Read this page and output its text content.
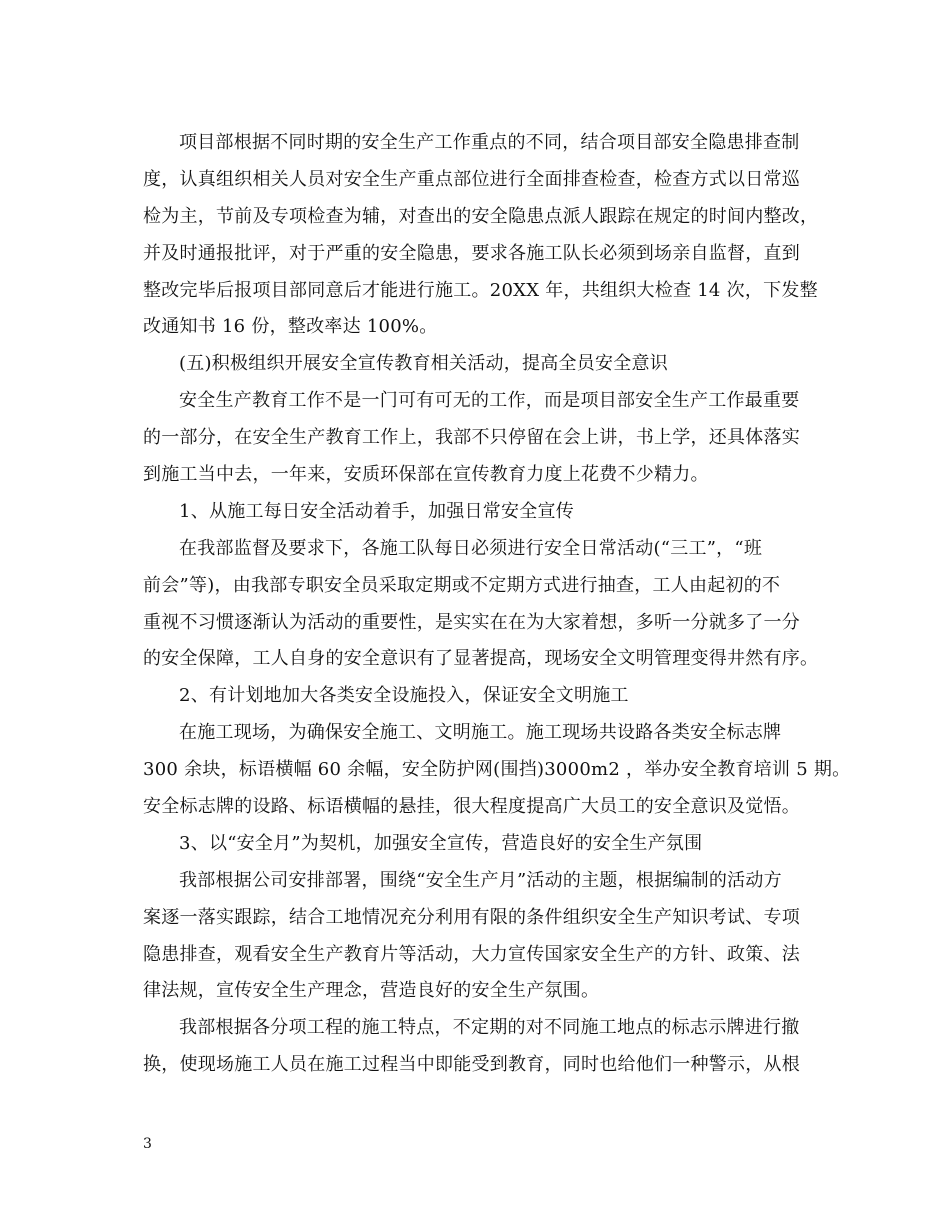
项目部根据不同时期的安全生产工作重点的不同，结合项目部安全隐患排查制
度，认真组织相关人员对安全生产重点部位进行全面排查检查，检查方式以日常巡
检为主，节前及专项检查为辅，对查出的安全隐患点派人跟踪在规定的时间内整改，
并及时通报批评，对于严重的安全隐患，要求各施工队长必须到场亲自监督，直到
整改完毕后报项目部同意后才能进行施工。20XX 年，共组织大检查 14 次，下发整
改通知书 16 份，整改率达 100%。
(五)积极组织开展安全宣传教育相关活动，提高全员安全意识
安全生产教育工作不是一门可有可无的工作，而是项目部安全生产工作最重要
的一部分，在安全生产教育工作上，我部不只停留在会上讲，书上学，还具体落实
到施工当中去，一年来，安质环保部在宣传教育力度上花费不少精力。
1、从施工每日安全活动着手，加强日常安全宣传
在我部监督及要求下，各施工队每日必须进行安全日常活动(“三工”，“班
前会”等)，由我部专职安全员采取定期或不定期方式进行抽查，工人由起初的不
重视不习惯逐渐认为活动的重要性，是实实在在为大家着想，多听一分就多了一分
的安全保障，工人自身的安全意识有了显著提高，现场安全文明管理变得井然有序。
2、有计划地加大各类安全设施投入，保证安全文明施工
在施工现场，为确保安全施工、文明施工。施工现场共设路各类安全标志牌
300 余块，标语横幅 60 余幅，安全防护网(围挡)3000m2 ，举办安全教育培训 5 期。
安全标志牌的设路、标语横幅的悬挂，很大程度提高广大员工的安全意识及觉悟。
3、以“安全月”为契机，加强安全宣传，营造良好的安全生产氛围
我部根据公司安排部署，围绕“安全生产月”活动的主题，根据编制的活动方
案逐一落实跟踪，结合工地情况充分利用有限的条件组织安全生产知识考试、专项
隐患排查，观看安全生产教育片等活动，大力宣传国家安全生产的方针、政策、法
律法规，宣传安全生产理念，营造良好的安全生产氛围。
我部根据各分项工程的施工特点，不定期的对不同施工地点的标志示牌进行撤
换，使现场施工人员在施工过程当中即能受到教育，同时也给他们一种警示，从根
3
